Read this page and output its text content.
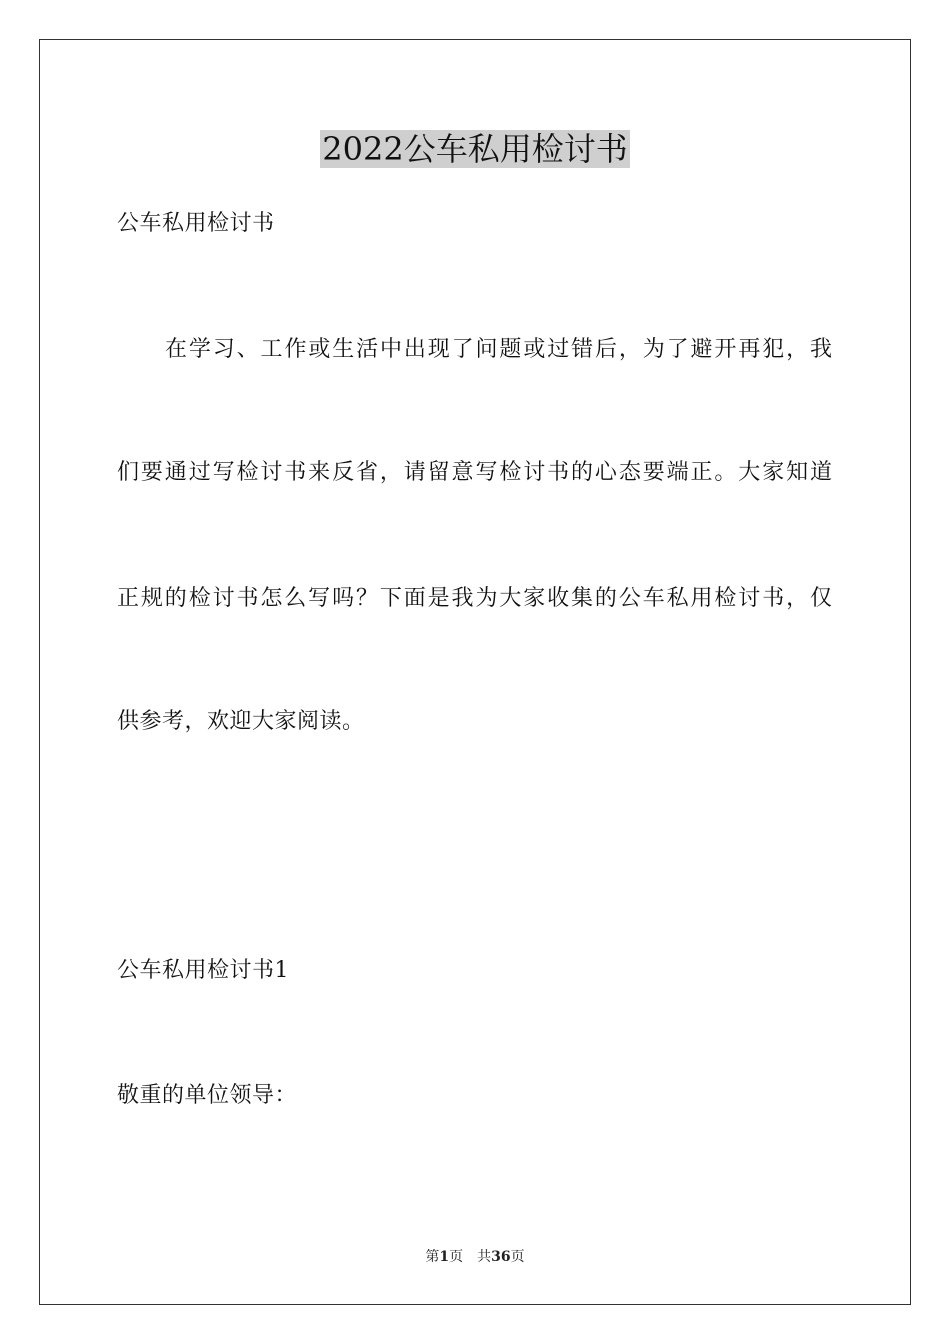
2022公车私用检讨书
公车私用检讨书
在学习、工作或生活中出现了问题或过错后，为了避开再犯，我
们要通过写检讨书来反省，请留意写检讨书的心态要端正。大家知道
正规的检讨书怎么写吗？下面是我为大家收集的公车私用检讨书，仅
供参考，欢迎大家阅读。
公车私用检讨书1
敬重的单位领导：
第1页 共36页
